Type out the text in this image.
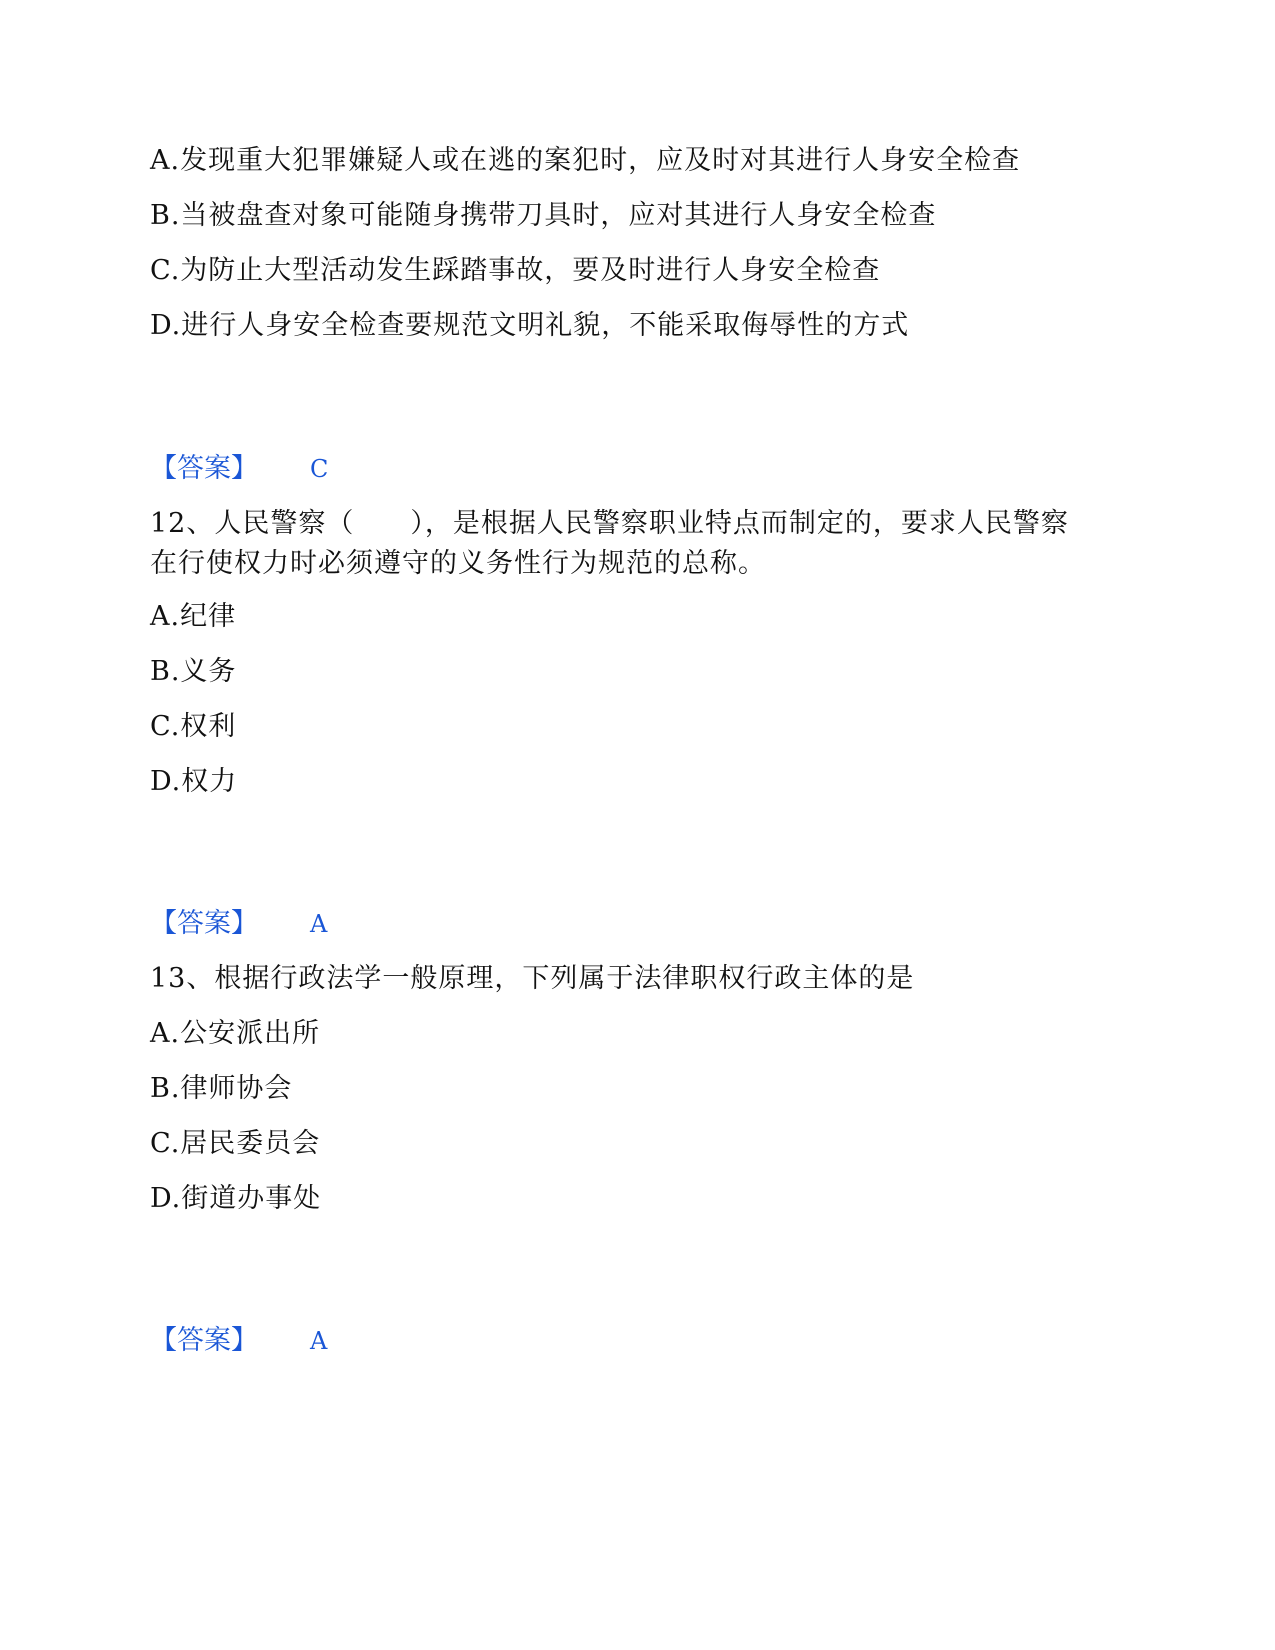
A.发现重大犯罪嫌疑人或在逃的案犯时，应及时对其进行人身安全检查
B.当被盘查对象可能随身携带刀具时，应对其进行人身安全检查
C.为防止大型活动发生踩踏事故，要及时进行人身安全检查
D.进行人身安全检查要规范文明礼貌，不能采取侮辱性的方式
【答案】 C
12、人民警察（　　），是根据人民警察职业特点而制定的，要求人民警察
在行使权力时必须遵守的义务性行为规范的总称。
A.纪律
B.义务
C.权利
D.权力
【答案】 A
13、根据行政法学一般原理，下列属于法律职权行政主体的是
A.公安派出所
B.律师协会
C.居民委员会
D.街道办事处
【答案】 A
